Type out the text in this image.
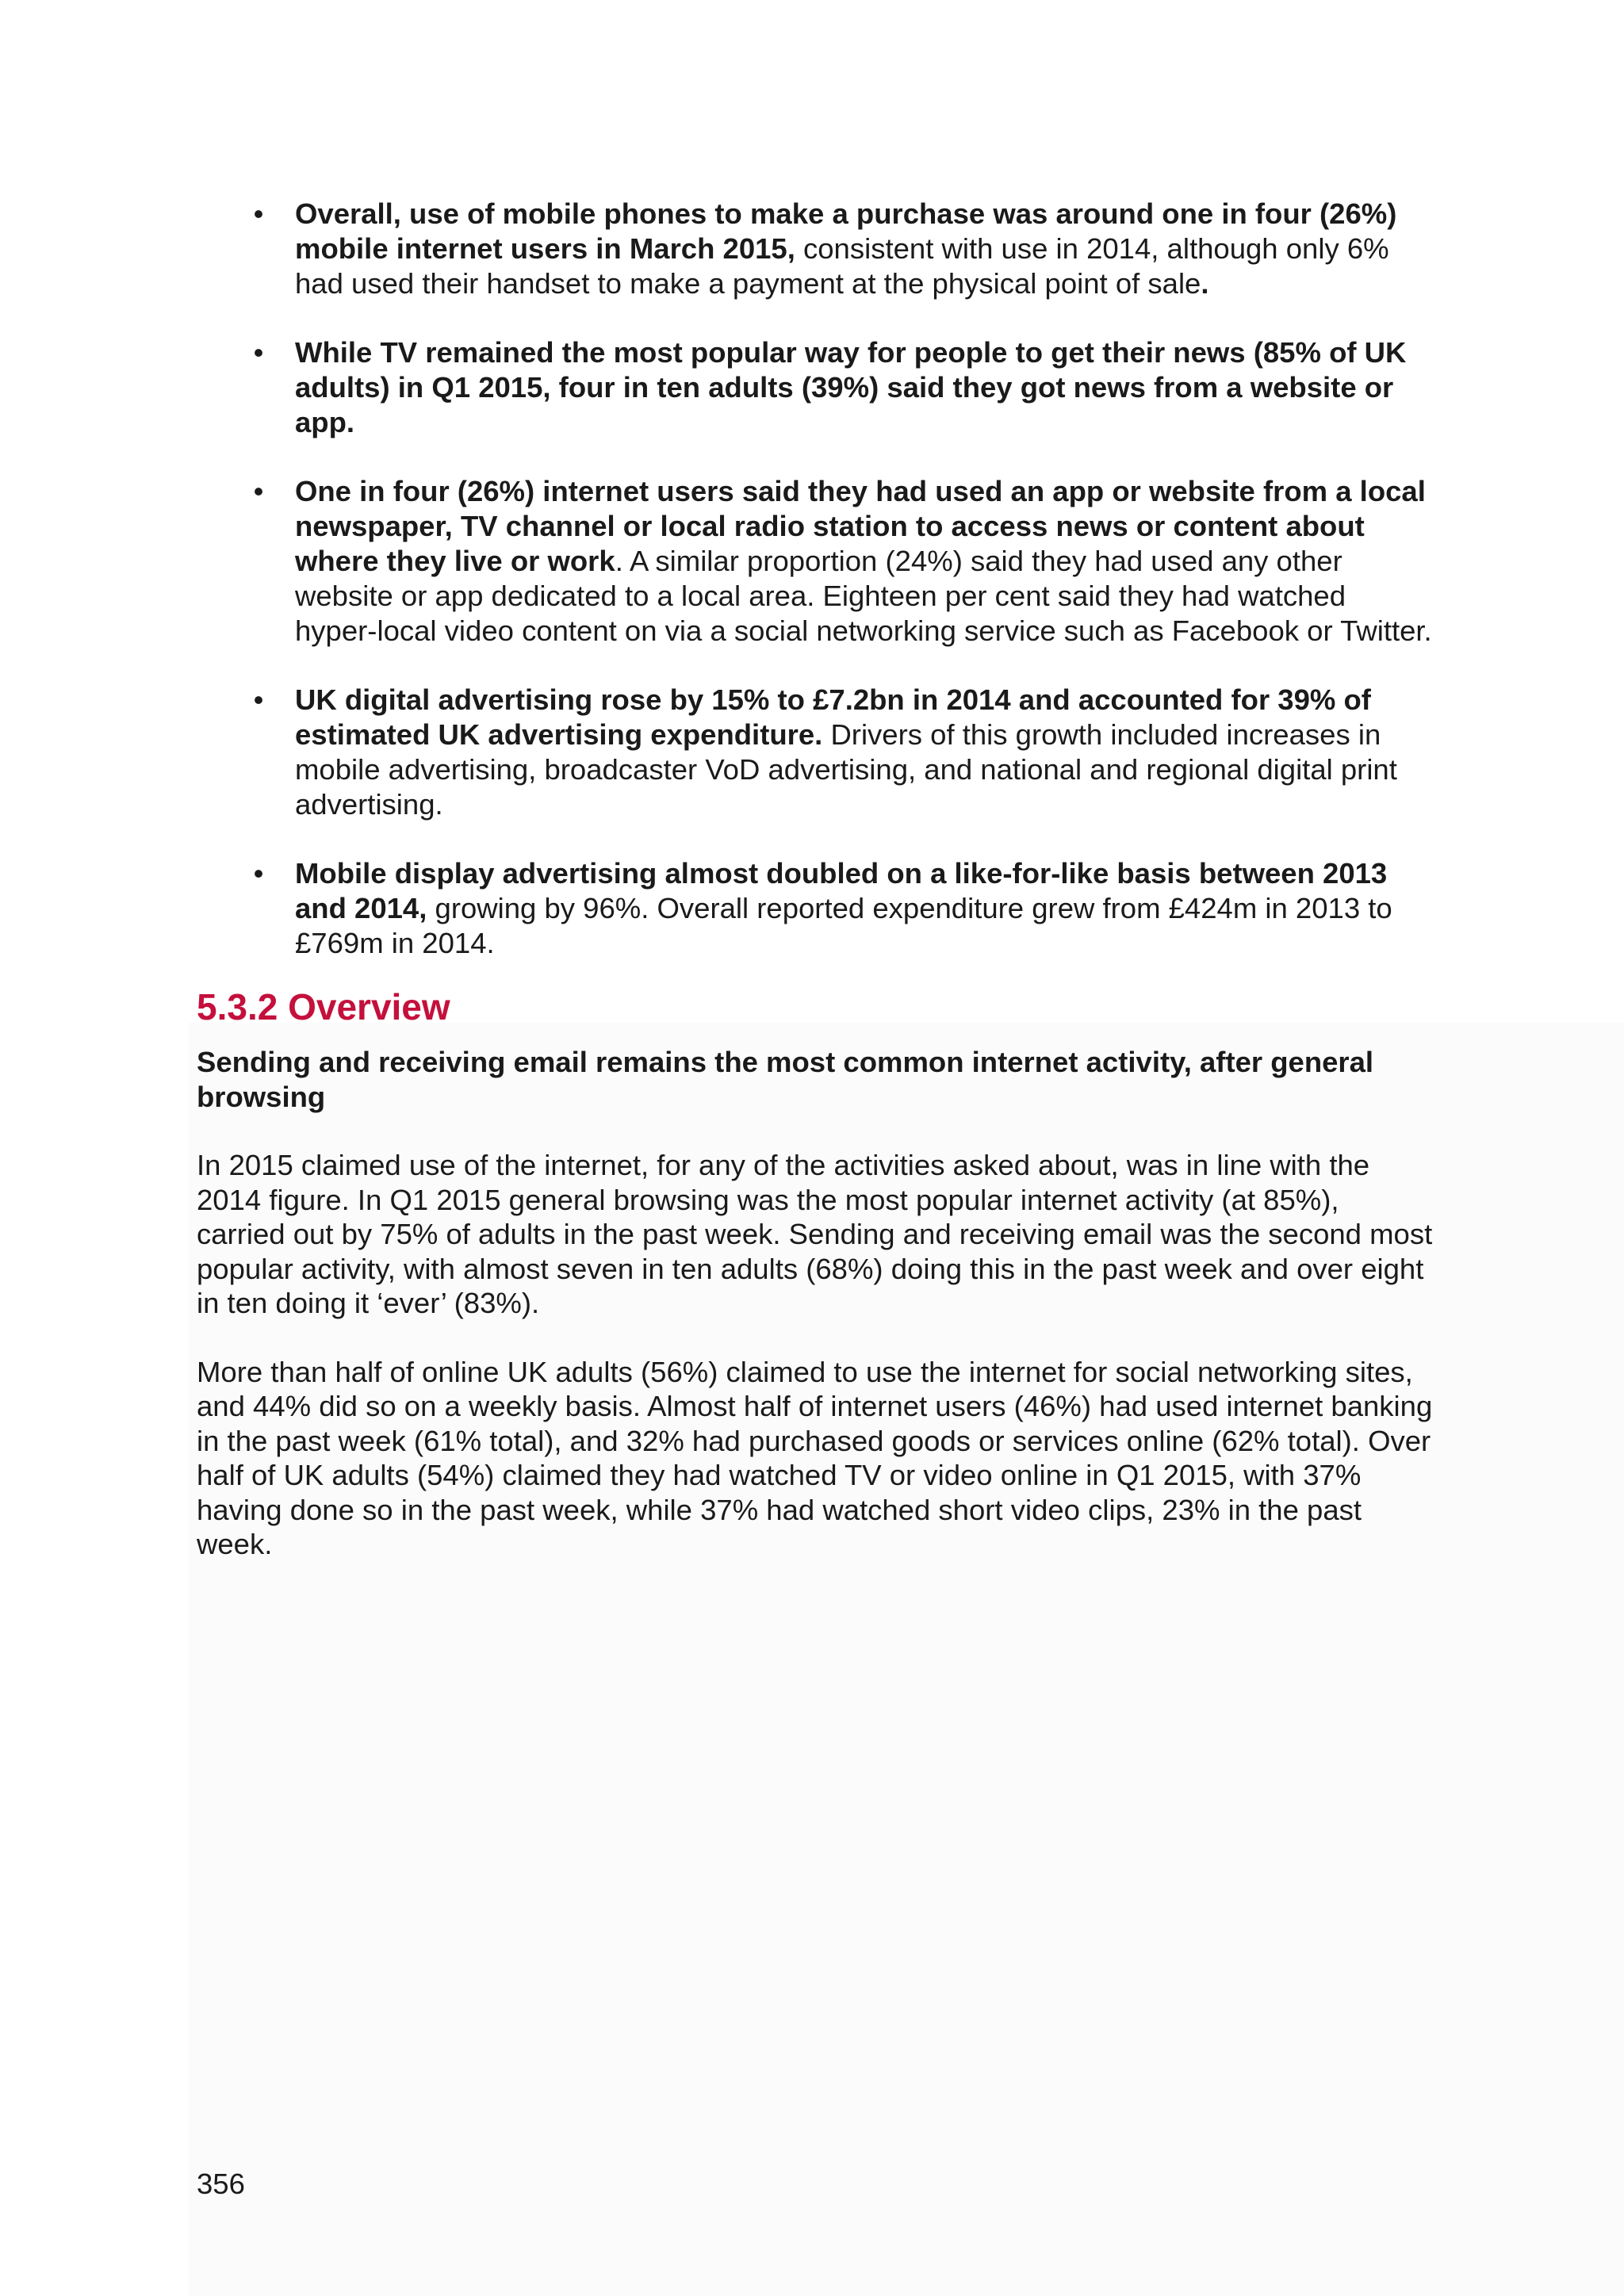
• Overall, use of mobile phones to make a purchase was around one in four (26%) mobile internet users in March 2015, consistent with use in 2014, although only 6% had used their handset to make a payment at the physical point of sale.
• While TV remained the most popular way for people to get their news (85% of UK adults) in Q1 2015, four in ten adults (39%) said they got news from a website or app.
• One in four (26%) internet users said they had used an app or website from a local newspaper, TV channel or local radio station to access news or content about where they live or work. A similar proportion (24%) said they had used any other website or app dedicated to a local area. Eighteen per cent said they had watched hyper-local video content on via a social networking service such as Facebook or Twitter.
• UK digital advertising rose by 15% to £7.2bn in 2014 and accounted for 39% of estimated UK advertising expenditure. Drivers of this growth included increases in mobile advertising, broadcaster VoD advertising, and national and regional digital print advertising.
• Mobile display advertising almost doubled on a like-for-like basis between 2013 and 2014, growing by 96%. Overall reported expenditure grew from £424m in 2013 to £769m in 2014.
5.3.2 Overview

Sending and receiving email remains the most common internet activity, after general browsing

In 2015 claimed use of the internet, for any of the activities asked about, was in line with the 2014 figure. In Q1 2015 general browsing was the most popular internet activity (at 85%), carried out by 75% of adults in the past week. Sending and receiving email was the second most popular activity, with almost seven in ten adults (68%) doing this in the past week and over eight in ten doing it ‘ever’ (83%).

More than half of online UK adults (56%) claimed to use the internet for social networking sites, and 44% did so on a weekly basis. Almost half of internet users (46%) had used internet banking in the past week (61% total), and 32% had purchased goods or services online (62% total). Over half of UK adults (54%) claimed they had watched TV or video online in Q1 2015, with 37% having done so in the past week, while 37% had watched short video clips, 23% in the past week.

356
